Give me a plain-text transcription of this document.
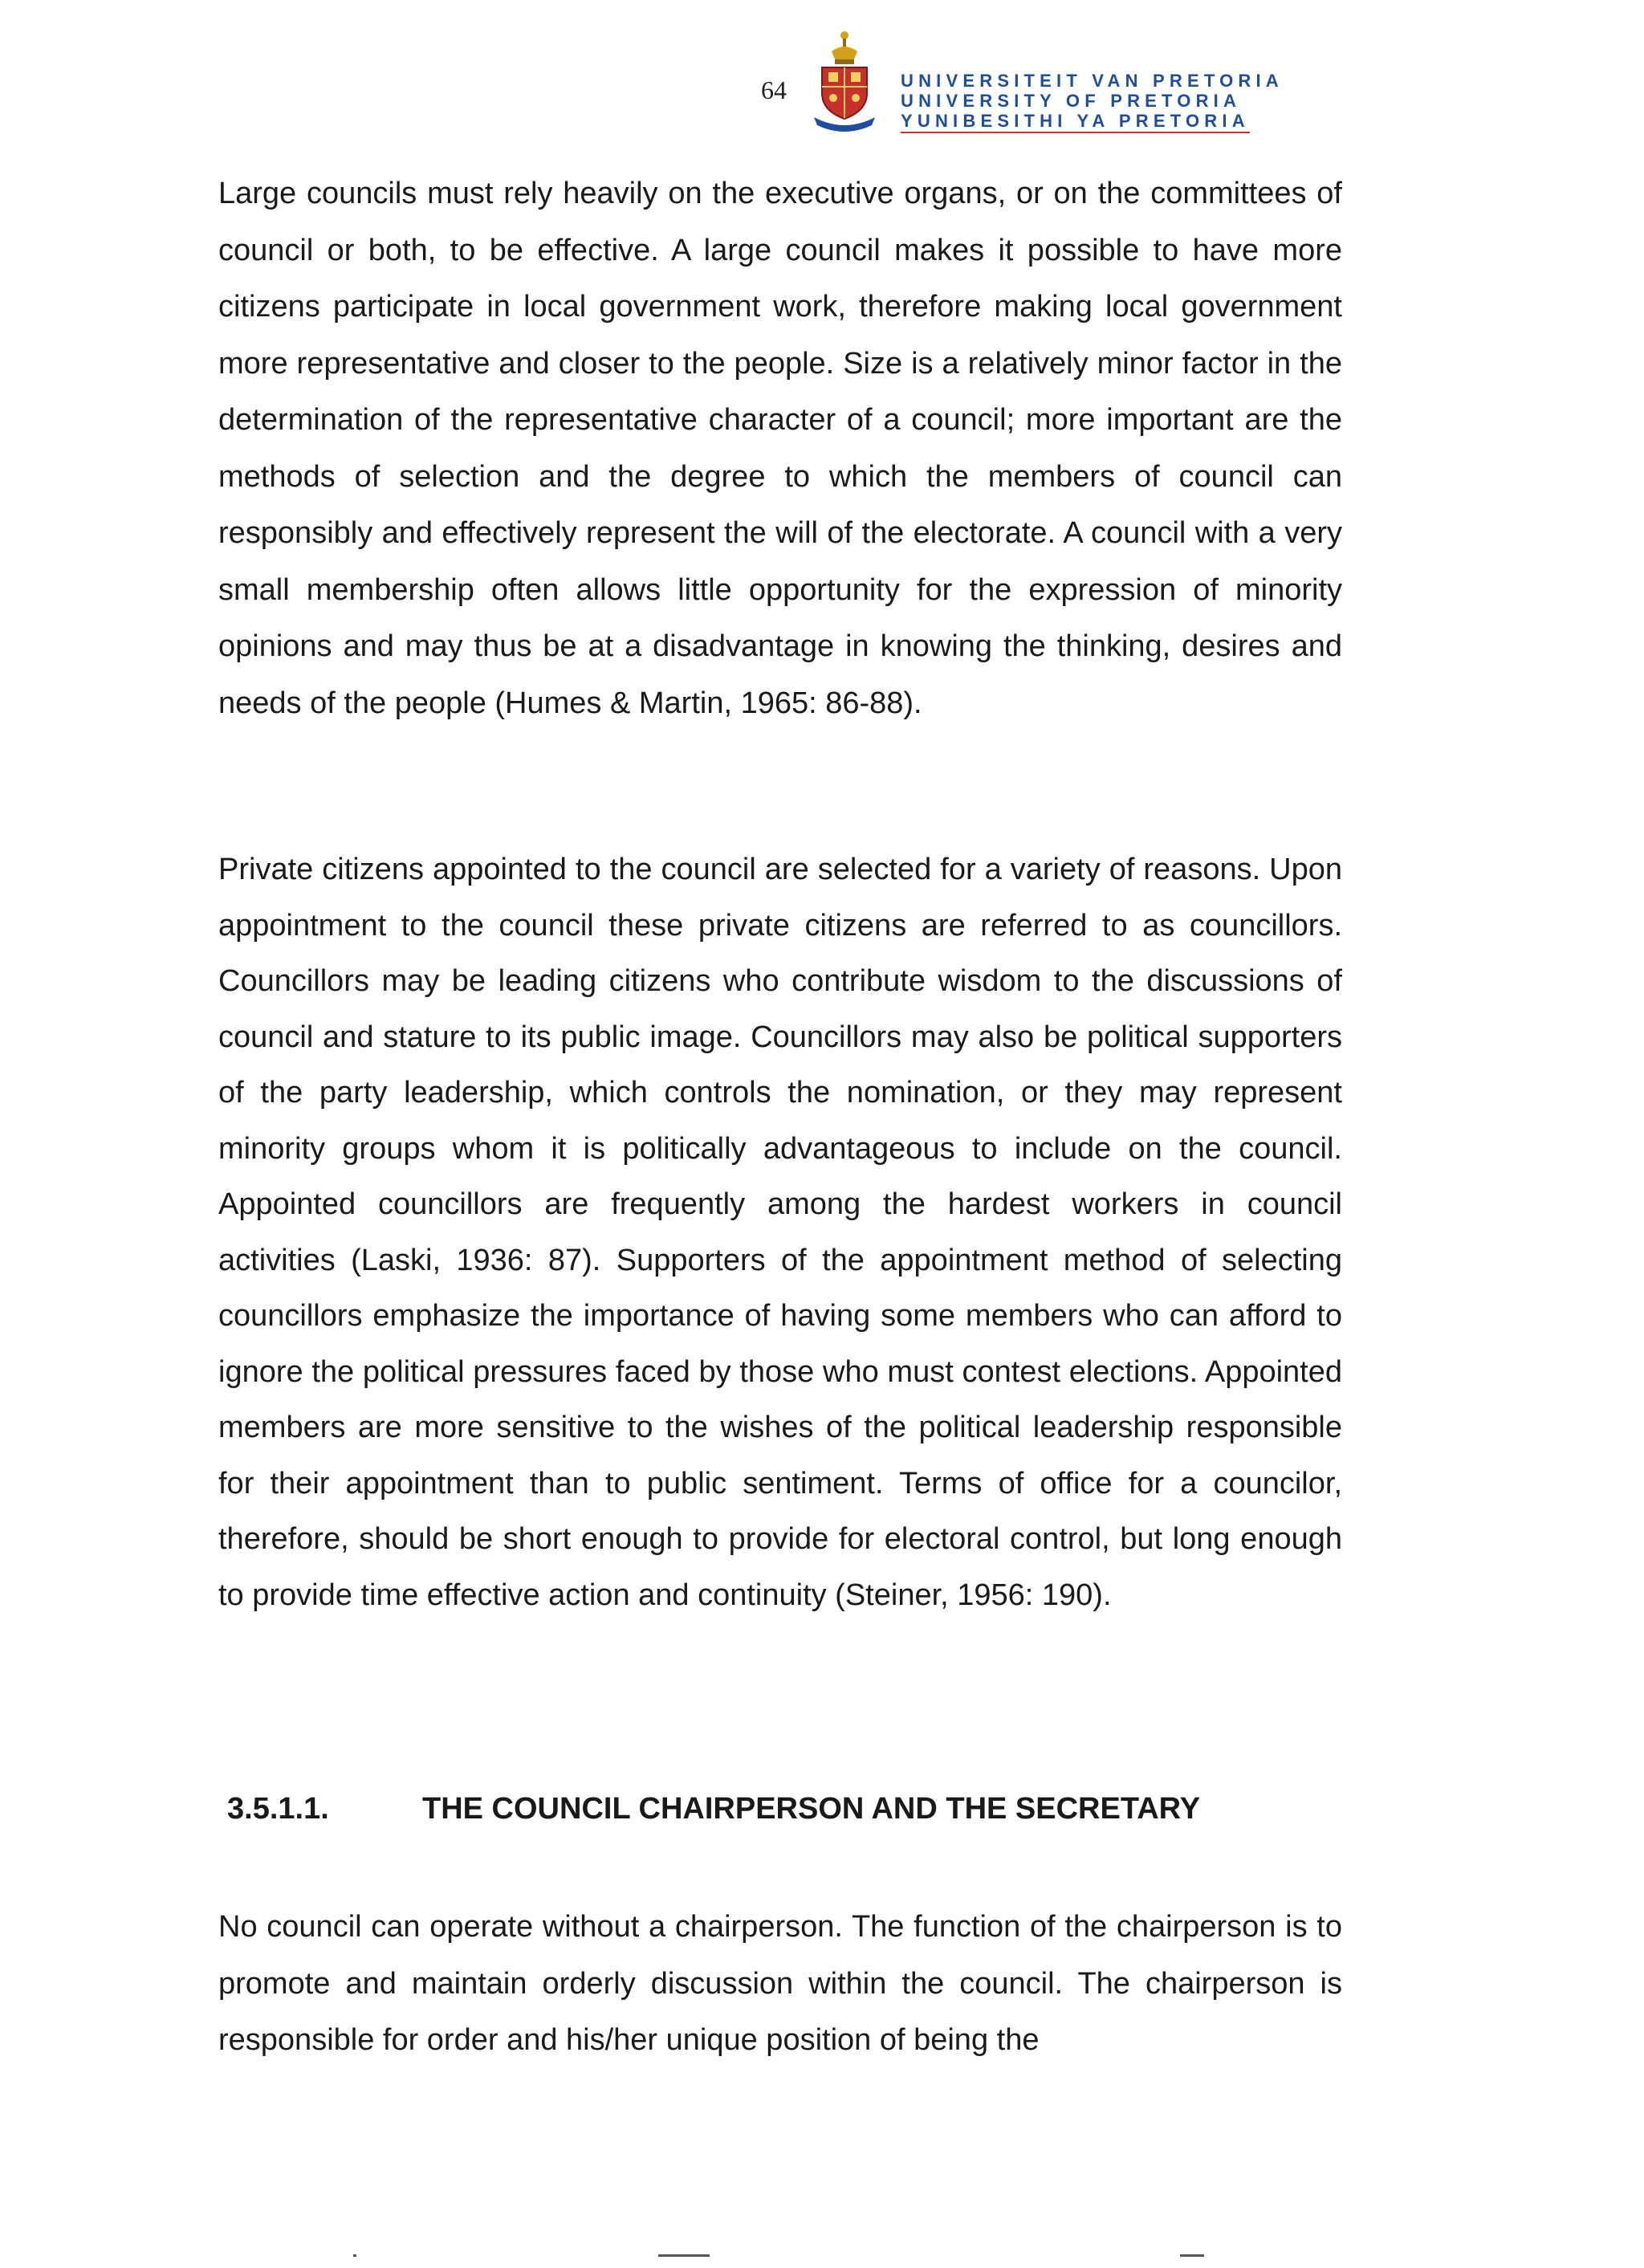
64	UNIVERSITEIT VAN PRETORIA
UNIVERSITY OF PRETORIA
YUNIBESITHI YA PRETORIA

Large councils must rely heavily on the executive organs, or on the committees of council or both, to be effective. A large council makes it possible to have more citizens participate in local government work, therefore making local government more representative and closer to the people. Size is a relatively minor factor in the determination of the representative character of a council; more important are the methods of selection and the degree to which the members of council can responsibly and effectively represent the will of the electorate. A council with a very small membership often allows little opportunity for the expression of minority opinions and may thus be at a disadvantage in knowing the thinking, desires and needs of the people (Humes & Martin, 1965: 86-88).

Private citizens appointed to the council are selected for a variety of reasons. Upon appointment to the council these private citizens are referred to as councillors. Councillors may be leading citizens who contribute wisdom to the discussions of council and stature to its public image. Councillors may also be political supporters of the party leadership, which controls the nomination, or they may represent minority groups whom it is politically advantageous to include on the council. Appointed councillors are frequently among the hardest workers in council activities (Laski, 1936: 87). Supporters of the appointment method of selecting councillors emphasize the importance of having some members who can afford to ignore the political pressures faced by those who must contest elections. Appointed members are more sensitive to the wishes of the political leadership responsible for their appointment than to public sentiment. Terms of office for a councilor, therefore, should be short enough to provide for electoral control, but long enough to provide time effective action and continuity (Steiner, 1956: 190).

3.5.1.1.	THE COUNCIL CHAIRPERSON AND THE SECRETARY

No council can operate without a chairperson. The function of the chairperson is to promote and maintain orderly discussion within the council. The chairperson is responsible for order and his/her unique position of being the
